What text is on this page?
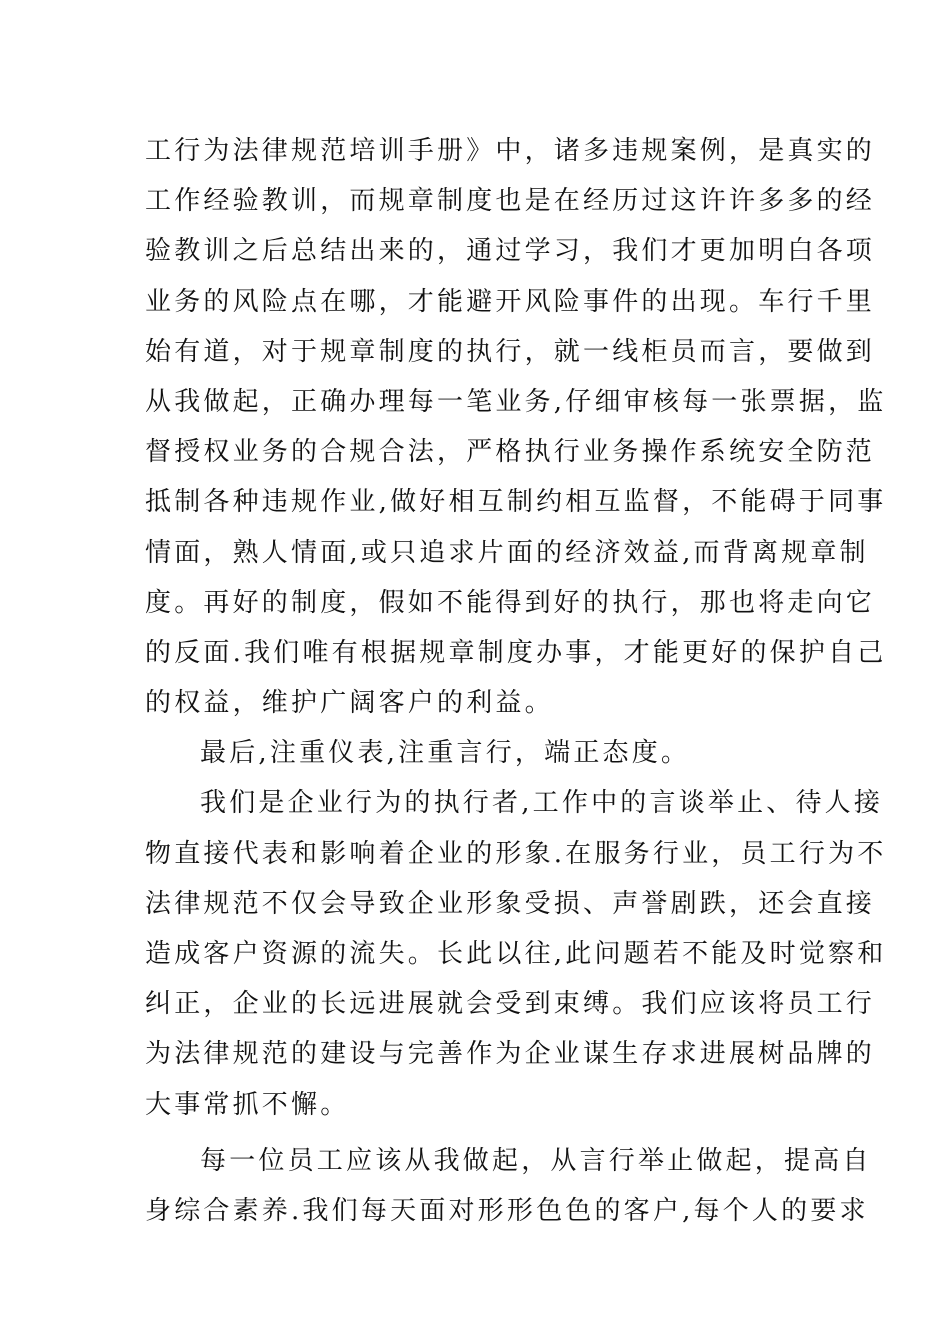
工行为法律规范培训手册》中，诸多违规案例，是真实的
工作经验教训，而规章制度也是在经历过这许许多多的经
验教训之后总结出来的，通过学习，我们才更加明白各项
业务的风险点在哪，才能避开风险事件的出现。车行千里
始有道，对于规章制度的执行，就一线柜员而言，要做到
从我做起，正确办理每一笔业务,仔细审核每一张票据，监
督授权业务的合规合法，严格执行业务操作系统安全防范
抵制各种违规作业,做好相互制约相互监督，不能碍于同事
情面，熟人情面,或只追求片面的经济效益,而背离规章制
度。再好的制度，假如不能得到好的执行，那也将走向它
的反面.我们唯有根据规章制度办事，才能更好的保护自己
的权益，维护广阔客户的利益。
最后,注重仪表,注重言行，端正态度。
我们是企业行为的执行者,工作中的言谈举止、待人接
物直接代表和影响着企业的形象.在服务行业，员工行为不
法律规范不仅会导致企业形象受损、声誉剧跌，还会直接
造成客户资源的流失。长此以往,此问题若不能及时觉察和
纠正，企业的长远进展就会受到束缚。我们应该将员工行
为法律规范的建设与完善作为企业谋生存求进展树品牌的
大事常抓不懈。
每一位员工应该从我做起，从言行举止做起，提高自
身综合素养.我们每天面对形形色色的客户,每个人的要求
